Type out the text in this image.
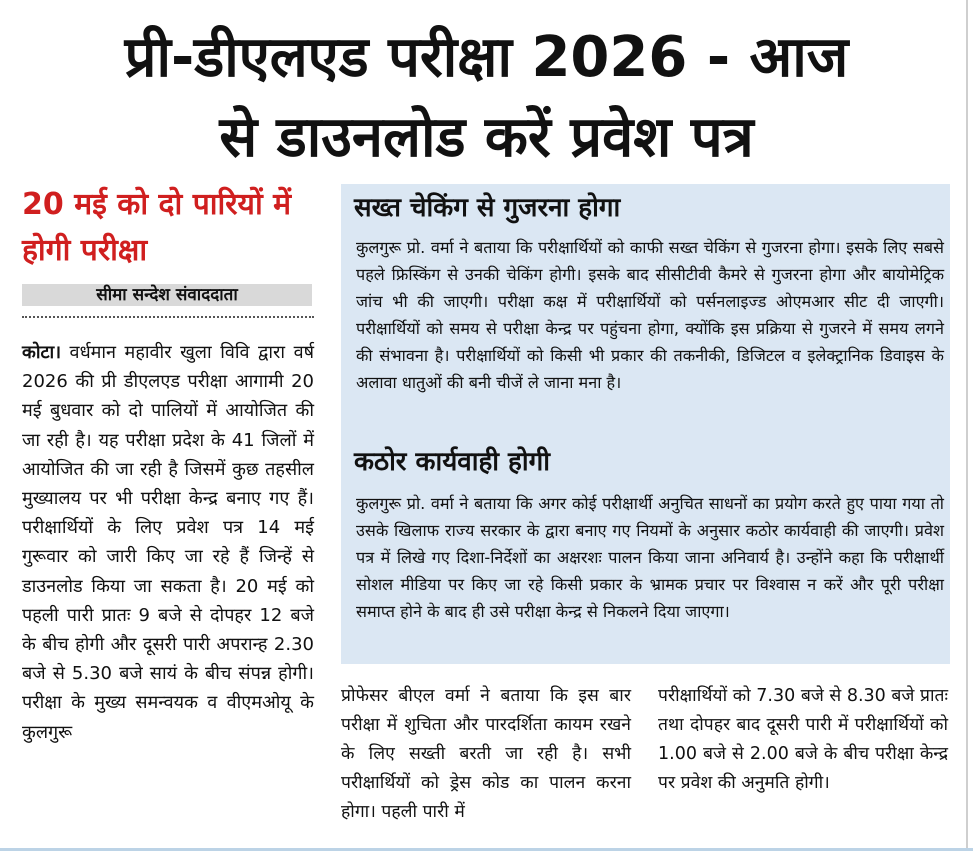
प्री-डीएलएड परीक्षा 2026 - आज
से डाउनलोड करें प्रवेश पत्र
20 मई को दो पारियों में होगी परीक्षा
सीमा सन्देश संवाददाता

कोटा। वर्धमान महावीर खुला विवि द्वारा वर्ष 2026 की प्री डीएलएड परीक्षा आगामी 20 मई बुधवार को दो पालियों में आयोजित की जा रही है। यह परीक्षा प्रदेश के 41 जिलों में आयोजित की जा रही है जिसमें कुछ तहसील मुख्यालय पर भी परीक्षा केन्द्र बनाए गए हैं। परीक्षार्थियों के लिए प्रवेश पत्र 14 मई गुरूवार को जारी किए जा रहे हैं जिन्हें से डाउनलोड किया जा सकता है। 20 मई को पहली पारी प्रातः 9 बजे से दोपहर 12 बजे के बीच होगी और दूसरी पारी अपरान्ह 2.30 बजे से 5.30 बजे सायं के बीच संपन्न होगी। परीक्षा के मुख्य समन्वयक व वीएमओयू के कुलगुरू

सख्त चेकिंग से गुजरना होगा

कुलगुरू प्रो. वर्मा ने बताया कि परीक्षार्थियों को काफी सख्त चेकिंग से गुजरना होगा। इसके लिए सबसे पहले फ्रिस्किंग से उनकी चेकिंग होगी। इसके बाद सीसीटीवी कैमरे से गुजरना होगा और बायोमेट्रिक जांच भी की जाएगी। परीक्षा कक्ष में परीक्षार्थियों को पर्सनलाइज्ड ओएमआर सीट दी जाएगी। परीक्षार्थियों को समय से परीक्षा केन्द्र पर पहुंचना होगा, क्योंकि इस प्रक्रिया से गुजरने में समय लगने की संभावना है। परीक्षार्थियों को किसी भी प्रकार की तकनीकी, डिजिटल व इलेक्ट्रानिक डिवाइस के अलावा धातुओं की बनी चीजें ले जाना मना है।

कठोर कार्यवाही होगी

कुलगुरू प्रो. वर्मा ने बताया कि अगर कोई परीक्षार्थी अनुचित साधनों का प्रयोग करते हुए पाया गया तो उसके खिलाफ राज्य सरकार के द्वारा बनाए गए नियमों के अनुसार कठोर कार्यवाही की जाएगी। प्रवेश पत्र में लिखे गए दिशा-निर्देशों का अक्षरशः पालन किया जाना अनिवार्य है। उन्होंने कहा कि परीक्षार्थी सोशल मीडिया पर किए जा रहे किसी प्रकार के भ्रामक प्रचार पर विश्वास न करें और पूरी परीक्षा समाप्त होने के बाद ही उसे परीक्षा केन्द्र से निकलने दिया जाएगा।

प्रोफेसर बीएल वर्मा ने बताया कि इस बार परीक्षा में शुचिता और पारदर्शिता कायम रखने के लिए सख्ती बरती जा रही है। सभी परीक्षार्थियों को ड्रेस कोड का पालन करना होगा। पहली पारी में

परीक्षार्थियों को 7.30 बजे से 8.30 बजे प्रातः तथा दोपहर बाद दूसरी पारी में परीक्षार्थियों को 1.00 बजे से 2.00 बजे के बीच परीक्षा केन्द्र पर प्रवेश की अनुमति होगी।
